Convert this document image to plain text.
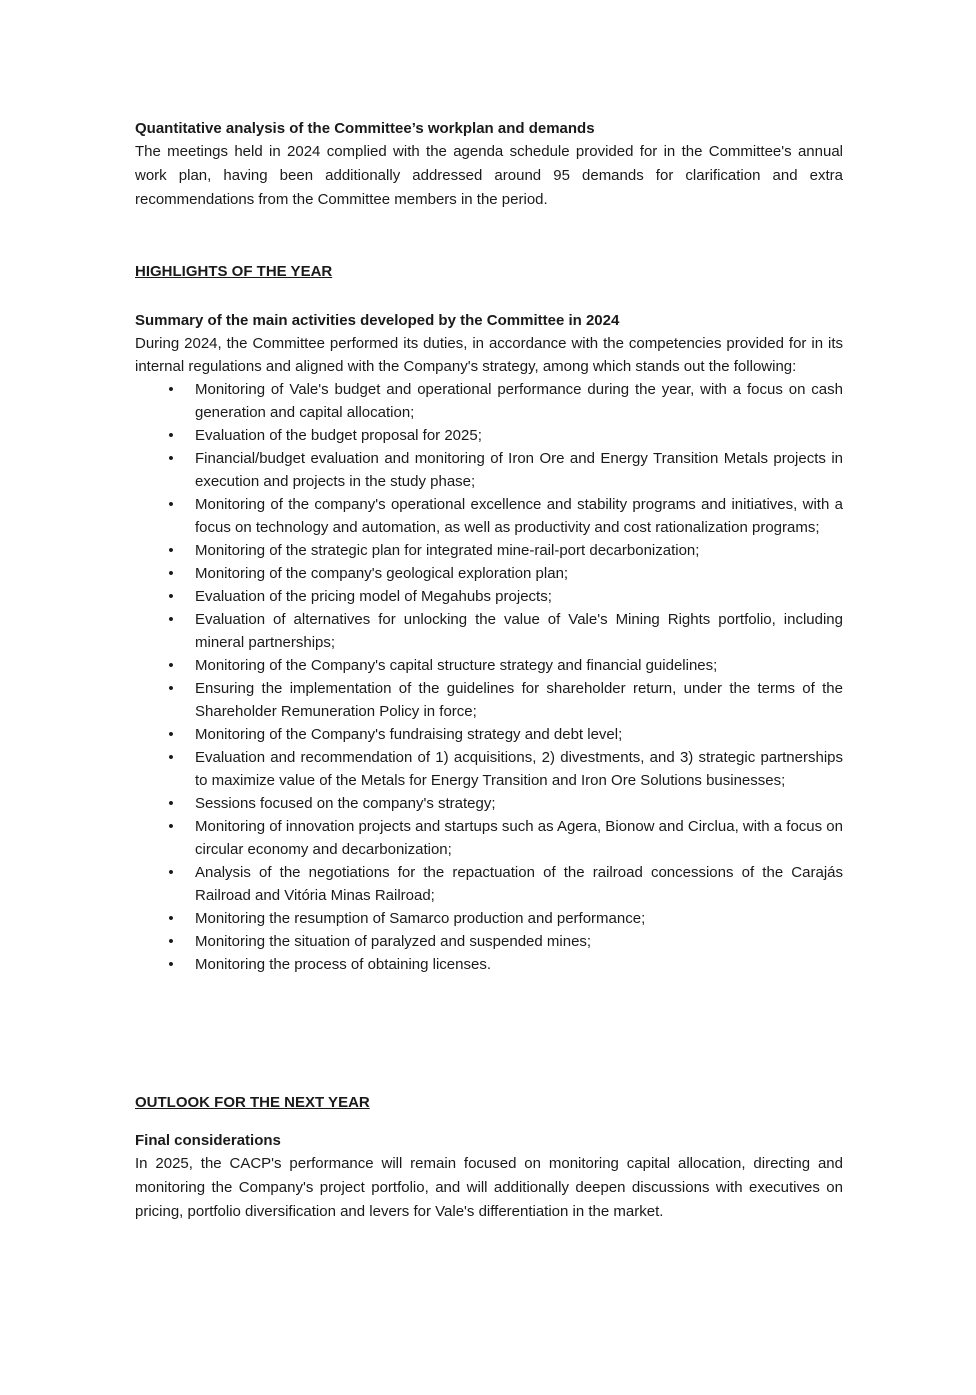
Quantitative analysis of the Committee’s workplan and demands

The meetings held in 2024 complied with the agenda schedule provided for in the Committee's annual work plan, having been additionally addressed around 95 demands for clarification and extra recommendations from the Committee members in the period.

HIGHLIGHTS OF THE YEAR

Summary of the main activities developed by the Committee in 2024

During 2024, the Committee performed its duties, in accordance with the competencies provided for in its internal regulations and aligned with the Company's strategy, among which stands out the following:

• Monitoring of Vale's budget and operational performance during the year, with a focus on cash generation and capital allocation;
• Evaluation of the budget proposal for 2025;
• Financial/budget evaluation and monitoring of Iron Ore and Energy Transition Metals projects in execution and projects in the study phase;
• Monitoring of the company's operational excellence and stability programs and initiatives, with a focus on technology and automation, as well as productivity and cost rationalization programs;
• Monitoring of the strategic plan for integrated mine-rail-port decarbonization;
• Monitoring of the company's geological exploration plan;
• Evaluation of the pricing model of Megahubs projects;
• Evaluation of alternatives for unlocking the value of Vale's Mining Rights portfolio, including mineral partnerships;
• Monitoring of the Company's capital structure strategy and financial guidelines;
• Ensuring the implementation of the guidelines for shareholder return, under the terms of the Shareholder Remuneration Policy in force;
• Monitoring of the Company's fundraising strategy and debt level;
• Evaluation and recommendation of 1) acquisitions, 2) divestments, and 3) strategic partnerships to maximize value of the Metals for Energy Transition and Iron Ore Solutions businesses;
• Sessions focused on the company's strategy;
• Monitoring of innovation projects and startups such as Agera, Bionow and Circlua, with a focus on circular economy and decarbonization;
• Analysis of the negotiations for the repactuation of the railroad concessions of the Carajás Railroad and Vitória Minas Railroad;
• Monitoring the resumption of Samarco production and performance;
• Monitoring the situation of paralyzed and suspended mines;
• Monitoring the process of obtaining licenses.

OUTLOOK FOR THE NEXT YEAR

Final considerations

In 2025, the CACP's performance will remain focused on monitoring capital allocation, directing and monitoring the Company's project portfolio, and will additionally deepen discussions with executives on pricing, portfolio diversification and levers for Vale's differentiation in the market.
